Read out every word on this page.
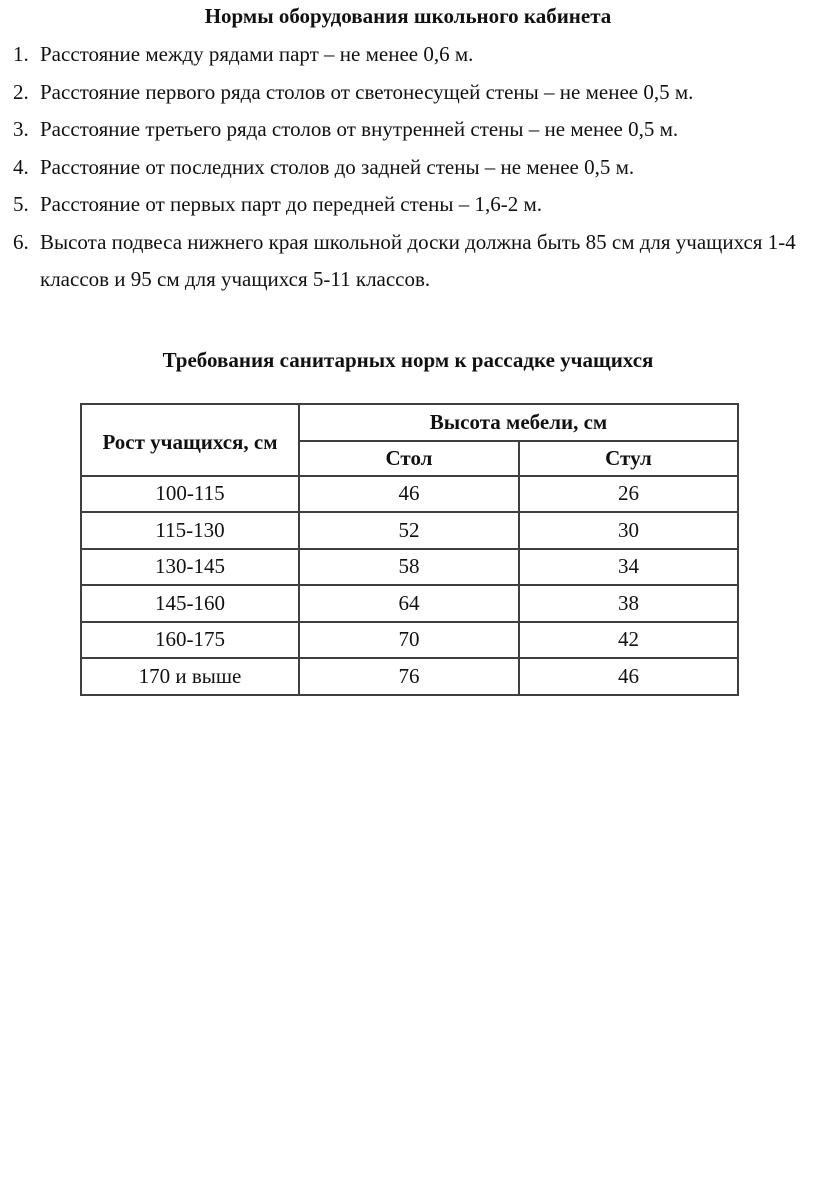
Нормы оборудования школьного кабинета
1. Расстояние между рядами парт – не менее 0,6 м.
2. Расстояние первого ряда столов от светонесущей стены – не менее 0,5 м.
3. Расстояние третьего ряда столов от внутренней стены – не менее 0,5 м.
4. Расстояние от последних столов до задней стены – не менее 0,5 м.
5. Расстояние от первых парт до передней стены – 1,6-2 м.
6. Высота подвеса нижнего края школьной доски должна быть 85 см для учащихся 1-4 классов и 95 см для учащихся 5-11 классов.
Требования санитарных норм к рассадке учащихся
Рост учащихся, см	Высота мебели, см	
	Стол	Стул
100-115	46	26
115-130	52	30
130-145	58	34
145-160	64	38
160-175	70	42
170 и выше	76	46
